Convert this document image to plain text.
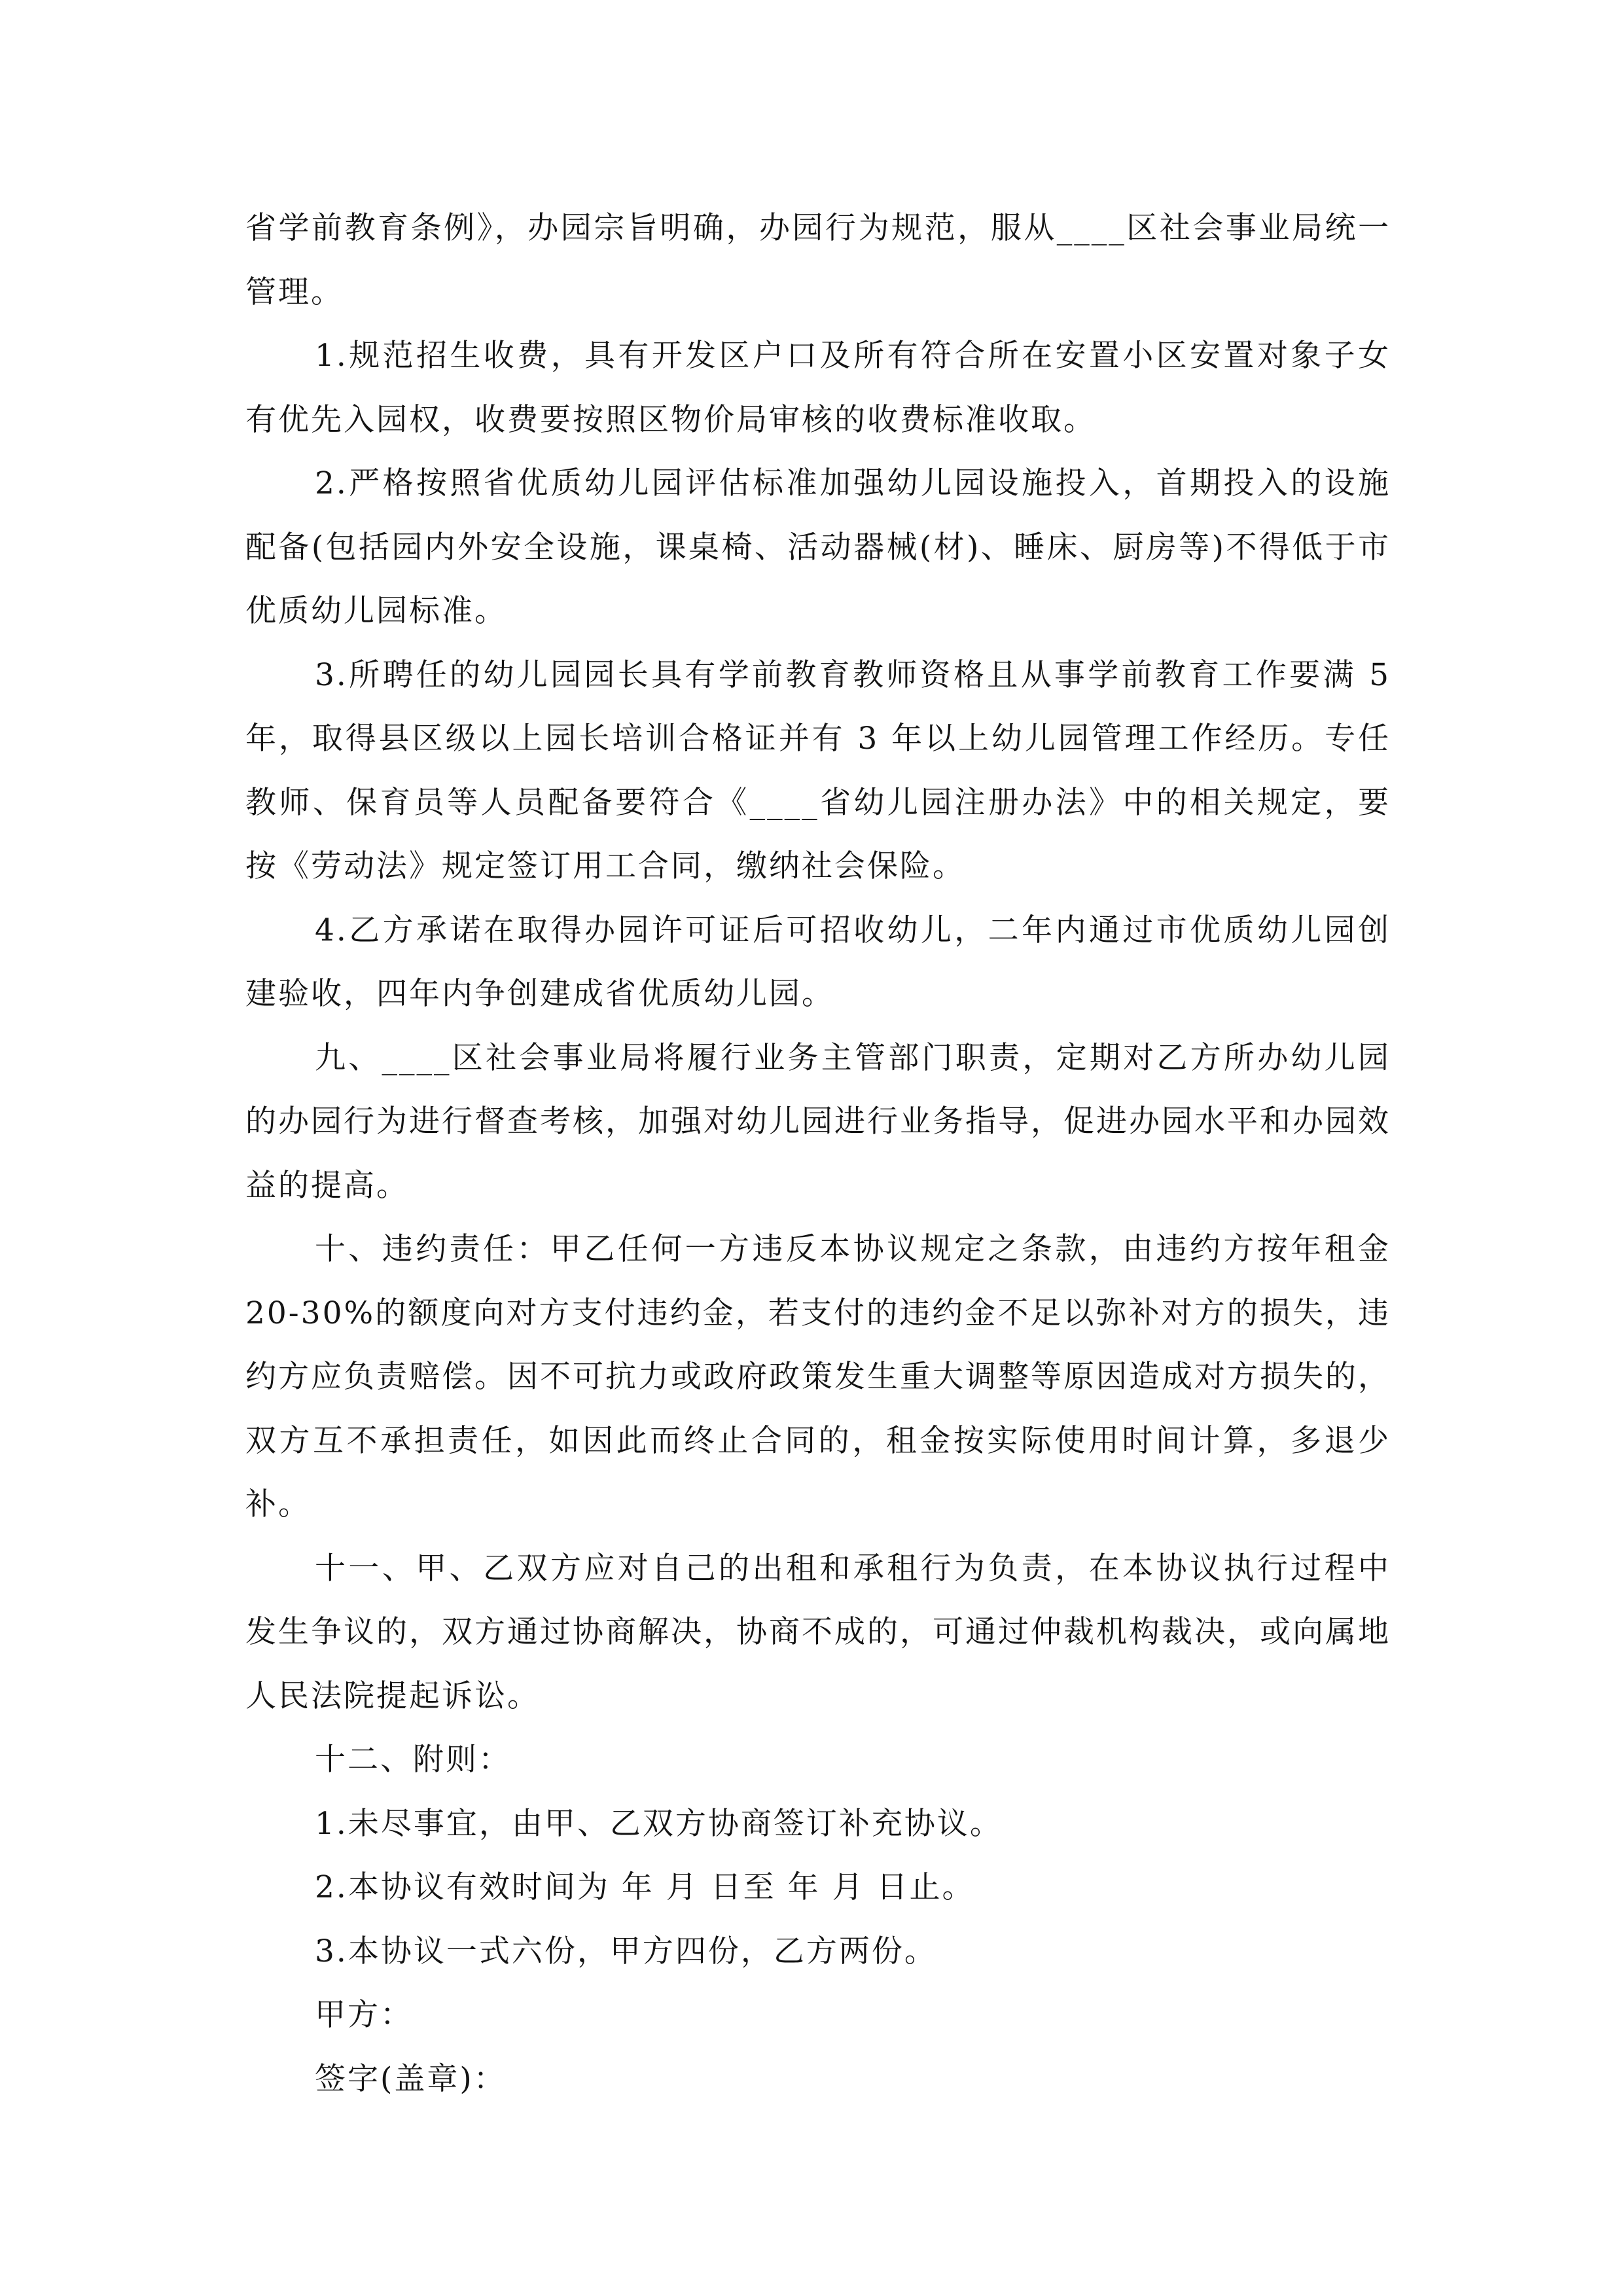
省学前教育条例》，办园宗旨明确，办园行为规范，服从____区社会事业局统一管理。

1.规范招生收费，具有开发区户口及所有符合所在安置小区安置对象子女有优先入园权，收费要按照区物价局审核的收费标准收取。

2.严格按照省优质幼儿园评估标准加强幼儿园设施投入，首期投入的设施配备(包括园内外安全设施，课桌椅、活动器械(材)、睡床、厨房等)不得低于市优质幼儿园标准。

3.所聘任的幼儿园园长具有学前教育教师资格且从事学前教育工作要满 5 年，取得县区级以上园长培训合格证并有 3 年以上幼儿园管理工作经历。专任教师、保育员等人员配备要符合《____省幼儿园注册办法》中的相关规定，要按《劳动法》规定签订用工合同，缴纳社会保险。

4.乙方承诺在取得办园许可证后可招收幼儿，二年内通过市优质幼儿园创建验收，四年内争创建成省优质幼儿园。

九、____区社会事业局将履行业务主管部门职责，定期对乙方所办幼儿园的办园行为进行督查考核，加强对幼儿园进行业务指导，促进办园水平和办园效益的提高。

十、违约责任：甲乙任何一方违反本协议规定之条款，由违约方按年租金20-30%的额度向对方支付违约金，若支付的违约金不足以弥补对方的损失，违约方应负责赔偿。因不可抗力或政府政策发生重大调整等原因造成对方损失的，双方互不承担责任，如因此而终止合同的，租金按实际使用时间计算，多退少补。

十一、甲、乙双方应对自己的出租和承租行为负责，在本协议执行过程中发生争议的，双方通过协商解决，协商不成的，可通过仲裁机构裁决，或向属地人民法院提起诉讼。

十二、附则：

1.未尽事宜，由甲、乙双方协商签订补充协议。

2.本协议有效时间为 年 月 日至 年 月 日止。

3.本协议一式六份，甲方四份，乙方两份。

甲方：

签字(盖章)：
